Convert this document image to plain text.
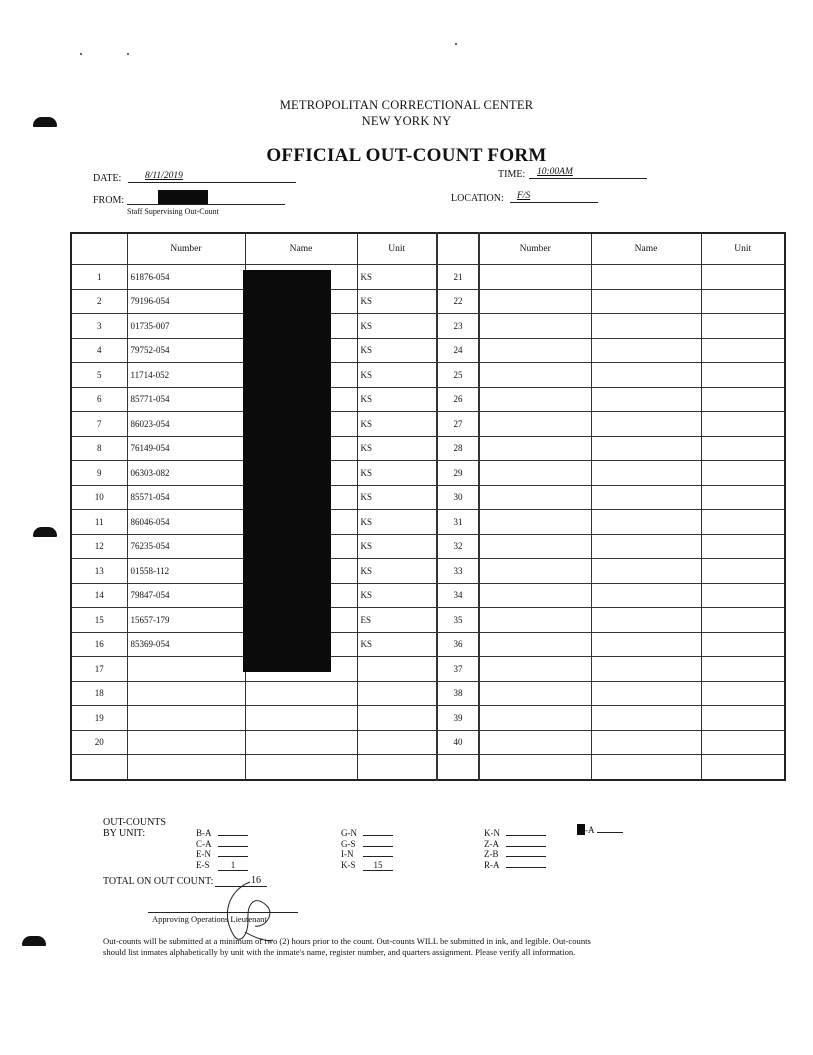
METROPOLITAN CORRECTIONAL CENTER
NEW YORK NY
OFFICIAL OUT-COUNT FORM
DATE: 8/11/2019	TIME: 10:00AM
FROM:
Staff Supervising Out-Count
LOCATION: F/S
	Number	Name	Unit		Number	Name	Unit
1	61876-054		KS	21			
2	79196-054		KS	22			
3	01735-007		KS	23			
4	79752-054		KS	24			
5	11714-052		KS	25			
6	85771-054		KS	26			
7	86023-054		KS	27			
8	76149-054		KS	28			
9	06303-082		KS	29			
10	85571-054		KS	30			
11	86046-054		KS	31			
12	76235-054		KS	32			
13	01558-112		KS	33			
14	79847-054		KS	34			
15	15657-179		ES	35			
16	85369-054		KS	36			
17				37			
18				38			
19				39			
20				40			

OUT-COUNTS
BY UNIT:	B-A
C-A
E-N
E-S 1
G-N
G-S
I-N
K-S 15
K-N
Z-A
Z-B
R-A
-A
TOTAL ON OUT COUNT:	16
Approving Operations Lieutenant
Out-counts will be submitted at a minimum of two (2) hours prior to the count. Out-counts WILL be submitted in ink, and legible. Out-counts
should list inmates alphabetically by unit with the inmate's name, register number, and quarters assignment. Please verify all information.
